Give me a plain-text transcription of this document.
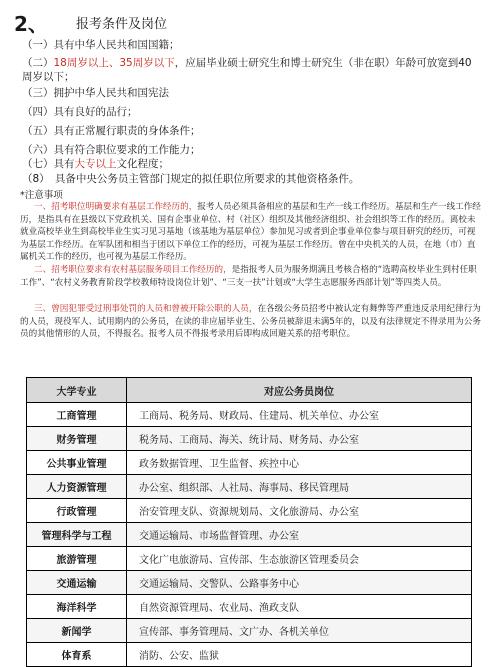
2、 报考条件及岗位
（一）具有中华人民共和国国籍；
（二）18周岁以上、35周岁以下，应届毕业硕士研究生和博士研究生（非在职）年龄可放宽到40周岁以下；
（三）拥护中华人民共和国宪法
（四）具有良好的品行；
（五）具有正常履行职责的身体条件；
（六）具有符合职位要求的工作能力；
（七）具有大专以上文化程度；
（8）　具备中央公务员主管部门规定的拟任职位所要求的其他资格条件。
*注意事项
一、招考职位明确要求有基层工作经历的，报考人员必须具备相应的基层和生产一线工作经历。基层和生产一线工作经历，是指具有在县级以下党政机关、国有企事业单位、村（社区）组织及其他经济组织、社会组织等工作的经历。离校未就业高校毕业生到高校毕业生实习见习基地（该基地为基层单位）参加见习或者到企事业单位参与项目研究的经历，可视为基层工作经历。在军队团和相当于团以下单位工作的经历，可视为基层工作经历。曾在中央机关的人员，在地（市）直属机关工作的经历，也可视为基层工作经历。
二、招考职位要求有农村基层服务项目工作经历的，是指报考人员为服务期满且考核合格的“选聘高校毕业生到村任职工作”、“农村义务教育阶段学校教师特设岗位计划”、“三支一扶”计划或“大学生志愿服务西部计划”等四类人员。
三、曾因犯罪受过刑事处罚的人员和曾被开除公职的人员，在各级公务员招考中被认定有舞弊等严重违反录用纪律行为的人员，现役军人、试用期内的公务员，在读的非应届毕业生、公务员被辞退未满5年的，以及有法律规定不得录用为公务员的其他情形的人员，不得报名。报考人员不得报考录用后即构成回避关系的招考职位。
大学专业	对应公务员岗位
工商管理	工商局、税务局、财政局、住建局、机关单位、办公室
财务管理	税务局、工商局、海关、统计局、财务局、办公室
公共事业管理	政务数据管理、卫生监督、疾控中心
人力资源管理	办公室、组织部、人社局、海事局、移民管理局
行政管理	治安管理支队、资源规划局、文化旅游局、办公室
管理科学与工程	交通运输局、市场监督管理、办公室
旅游管理	文化广电旅游局、宣传部、生态旅游区管理委员会
交通运输	交通运输局、交警队、公路事务中心
海洋科学	自然资源管理局、农业局、渔政支队
新闻学	宣传部、事务管理局、文广办、各机关单位
体育系	消防、公安、监狱
